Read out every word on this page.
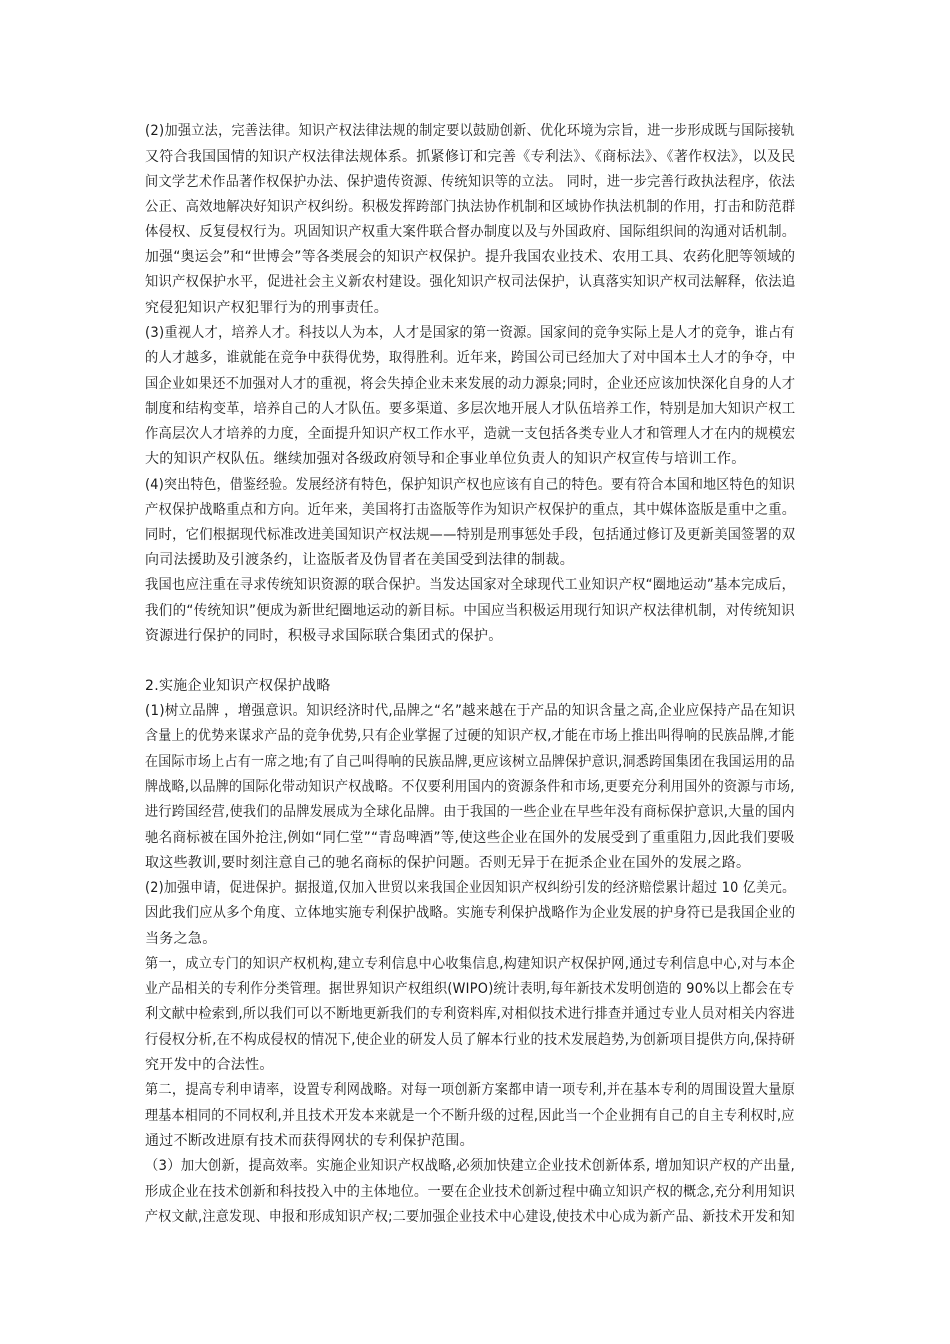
(2)加强立法，完善法律。知识产权法律法规的制定要以鼓励创新、优化环境为宗旨，进一步形成既与国际接轨
又符合我国国情的知识产权法律法规体系。抓紧修订和完善《专利法》、《商标法》、《著作权法》，以及民
间文学艺术作品著作权保护办法、保护遗传资源、传统知识等的立法。 同时，进一步完善行政执法程序，依法
公正、高效地解决好知识产权纠纷。积极发挥跨部门执法协作机制和区域协作执法机制的作用，打击和防范群
体侵权、反复侵权行为。巩固知识产权重大案件联合督办制度以及与外国政府、国际组织间的沟通对话机制。
加强“奥运会”和“世博会”等各类展会的知识产权保护。提升我国农业技术、农用工具、农药化肥等领域的
知识产权保护水平，促进社会主义新农村建设。强化知识产权司法保护，认真落实知识产权司法解释，依法追
究侵犯知识产权犯罪行为的刑事责任。
(3)重视人才，培养人才。科技以人为本，人才是国家的第一资源。国家间的竞争实际上是人才的竞争，谁占有
的人才越多，谁就能在竞争中获得优势，取得胜利。近年来，跨国公司已经加大了对中国本土人才的争夺，中
国企业如果还不加强对人才的重视，将会失掉企业未来发展的动力源泉;同时，企业还应该加快深化自身的人才
制度和结构变革，培养自己的人才队伍。要多渠道、多层次地开展人才队伍培养工作，特别是加大知识产权工
作高层次人才培养的力度，全面提升知识产权工作水平，造就一支包括各类专业人才和管理人才在内的规模宏
大的知识产权队伍。继续加强对各级政府领导和企事业单位负责人的知识产权宣传与培训工作。
(4)突出特色，借鉴经验。发展经济有特色，保护知识产权也应该有自己的特色。要有符合本国和地区特色的知识
产权保护战略重点和方向。近年来，美国将打击盗版等作为知识产权保护的重点，其中媒体盗版是重中之重。
同时，它们根据现代标准改进美国知识产权法规——特别是刑事惩处手段，包括通过修订及更新美国签署的双
向司法援助及引渡条约，让盗版者及伪冒者在美国受到法律的制裁。
我国也应注重在寻求传统知识资源的联合保护。当发达国家对全球现代工业知识产权“圈地运动”基本完成后，
我们的“传统知识”便成为新世纪圈地运动的新目标。中国应当积极运用现行知识产权法律机制，对传统知识
资源进行保护的同时，积极寻求国际联合集团式的保护。
2.实施企业知识产权保护战略
(1)树立品牌 ，增强意识。知识经济时代,品牌之“名”越来越在于产品的知识含量之高,企业应保持产品在知识
含量上的优势来谋求产品的竞争优势,只有企业掌握了过硬的知识产权,才能在市场上推出叫得响的民族品牌,才能
在国际市场上占有一席之地;有了自己叫得响的民族品牌,更应该树立品牌保护意识,洞悉跨国集团在我国运用的品
牌战略,以品牌的国际化带动知识产权战略。不仅要利用国内的资源条件和市场,更要充分利用国外的资源与市场,
进行跨国经营,使我们的品牌发展成为全球化品牌。由于我国的一些企业在早些年没有商标保护意识,大量的国内
驰名商标被在国外抢注,例如“同仁堂”“青岛啤酒”等,使这些企业在国外的发展受到了重重阻力,因此我们要吸
取这些教训,要时刻注意自己的驰名商标的保护问题。否则无异于在扼杀企业在国外的发展之路。
(2)加强申请，促进保护。据报道,仅加入世贸以来我国企业因知识产权纠纷引发的经济赔偿累计超过 10 亿美元。
因此我们应从多个角度、立体地实施专利保护战略。实施专利保护战略作为企业发展的护身符已是我国企业的
当务之急。
第一，成立专门的知识产权机构,建立专利信息中心收集信息,构建知识产权保护网,通过专利信息中心,对与本企
业产品相关的专利作分类管理。据世界知识产权组织(WIPO)统计表明,每年新技术发明创造的 90%以上都会在专
利文献中检索到,所以我们可以不断地更新我们的专利资料库,对相似技术进行排查并通过专业人员对相关内容进
行侵权分析,在不构成侵权的情况下,使企业的研发人员了解本行业的技术发展趋势,为创新项目提供方向,保持研
究开发中的合法性。
第二，提高专利申请率，设置专利网战略。对每一项创新方案都申请一项专利,并在基本专利的周围设置大量原
理基本相同的不同权利,并且技术开发本来就是一个不断升级的过程,因此当一个企业拥有自己的自主专利权时,应
通过不断改进原有技术而获得网状的专利保护范围。
（3）加大创新，提高效率。实施企业知识产权战略,必须加快建立企业技术创新体系, 增加知识产权的产出量,
形成企业在技术创新和科技投入中的主体地位。一要在企业技术创新过程中确立知识产权的概念,充分利用知识
产权文献,注意发现、申报和形成知识产权;二要加强企业技术中心建设,使技术中心成为新产品、新技术开发和知
